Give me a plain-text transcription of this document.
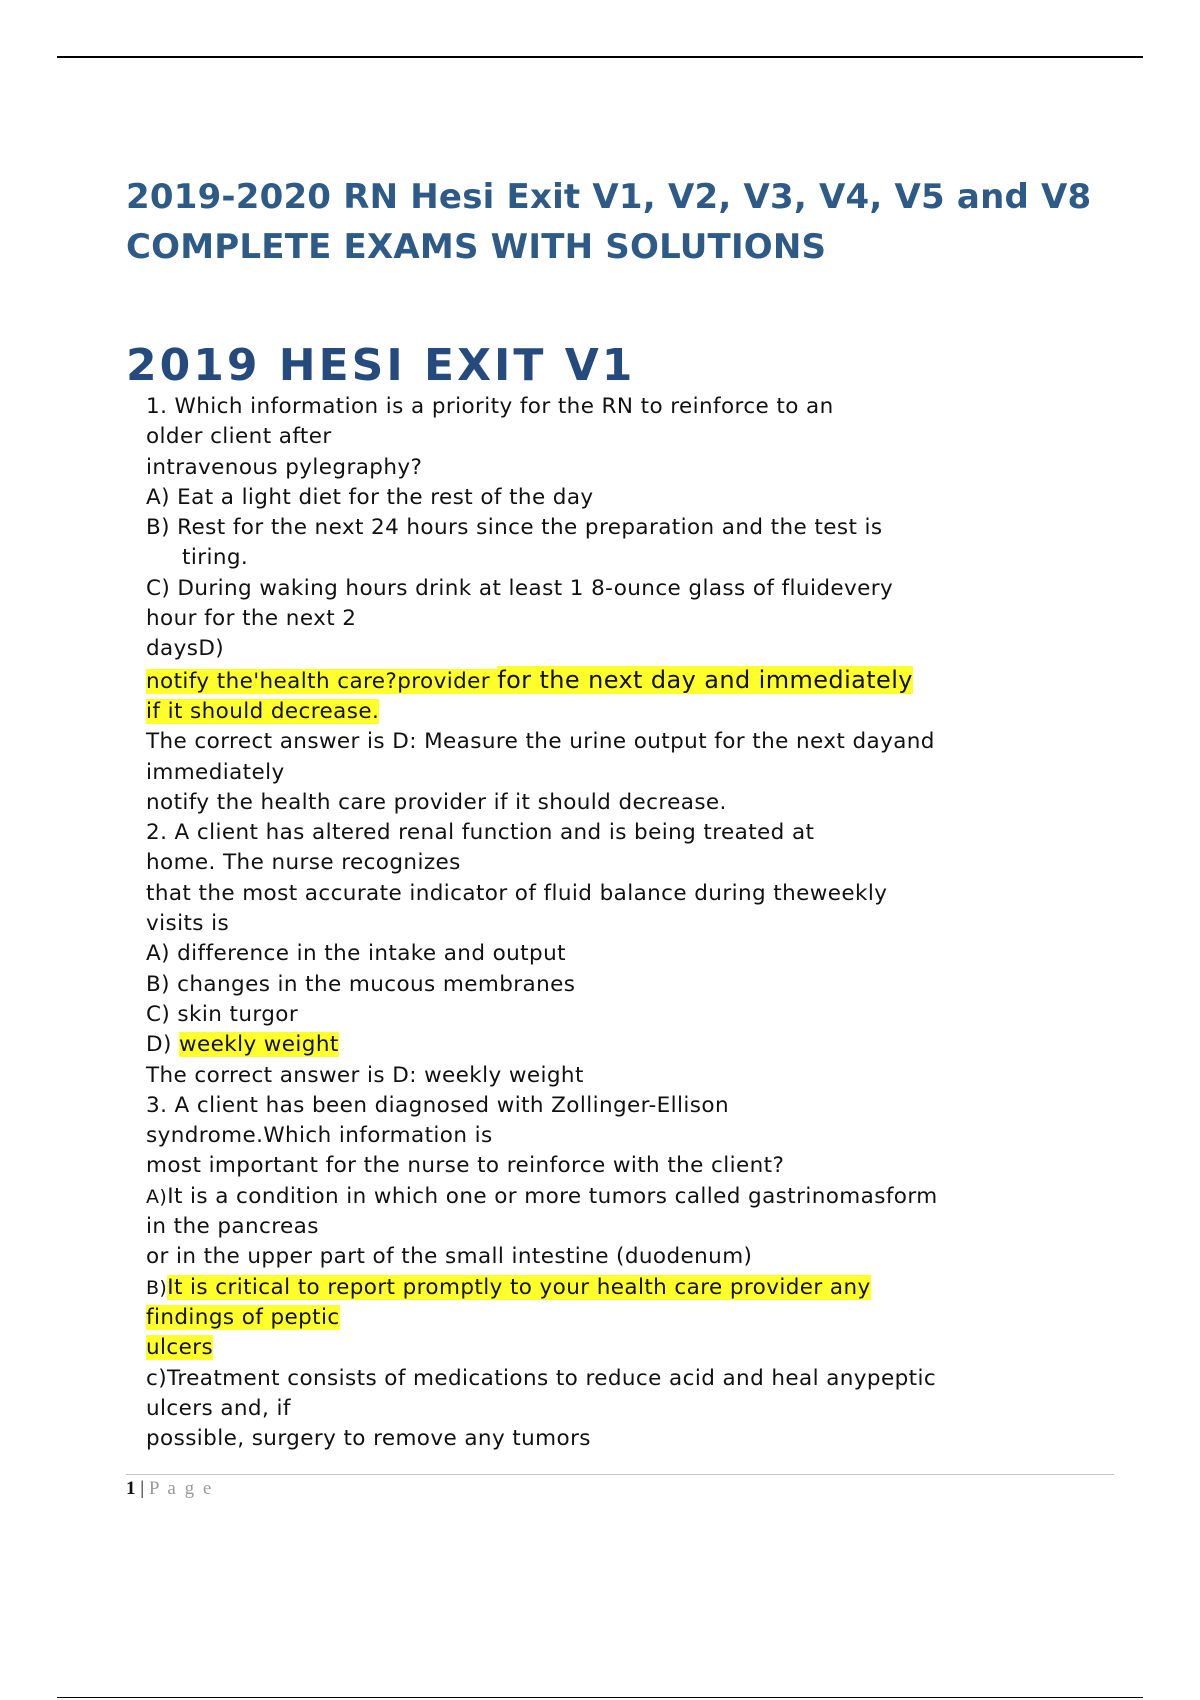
2019-2020 RN Hesi Exit V1, V2, V3, V4, V5 and V8
COMPLETE EXAMS WITH SOLUTIONS
2019 HESI EXIT V1
1. Which information is a priority for the RN to reinforce to an
older client after
intravenous pylegraphy?
A) Eat a light diet for the rest of the day
B) Rest for the next 24 hours since the preparation and the test is
tiring.
C) During waking hours drink at least 1 8-ounce glass of fluidevery
hour for the next 2
daysD)
notify the'health care?provider for the next day and immediately
if it should decrease.
The correct answer is D: Measure the urine output for the next dayand
immediately
notify the health care provider if it should decrease.
2. A client has altered renal function and is being treated at
home. The nurse recognizes
that the most accurate indicator of fluid balance during theweekly
visits is
A) difference in the intake and output
B) changes in the mucous membranes
C) skin turgor
D) weekly weight
The correct answer is D: weekly weight
3. A client has been diagnosed with Zollinger-Ellison
syndrome.Which information is
most important for the nurse to reinforce with the client?
A)It is a condition in which one or more tumors called gastrinomasform
in the pancreas
or in the upper part of the small intestine (duodenum)
B)It is critical to report promptly to your health care provider any
findings of peptic
ulcers
c)Treatment consists of medications to reduce acid and heal anypeptic
ulcers and, if
possible, surgery to remove any tumors
1 | P a g e
